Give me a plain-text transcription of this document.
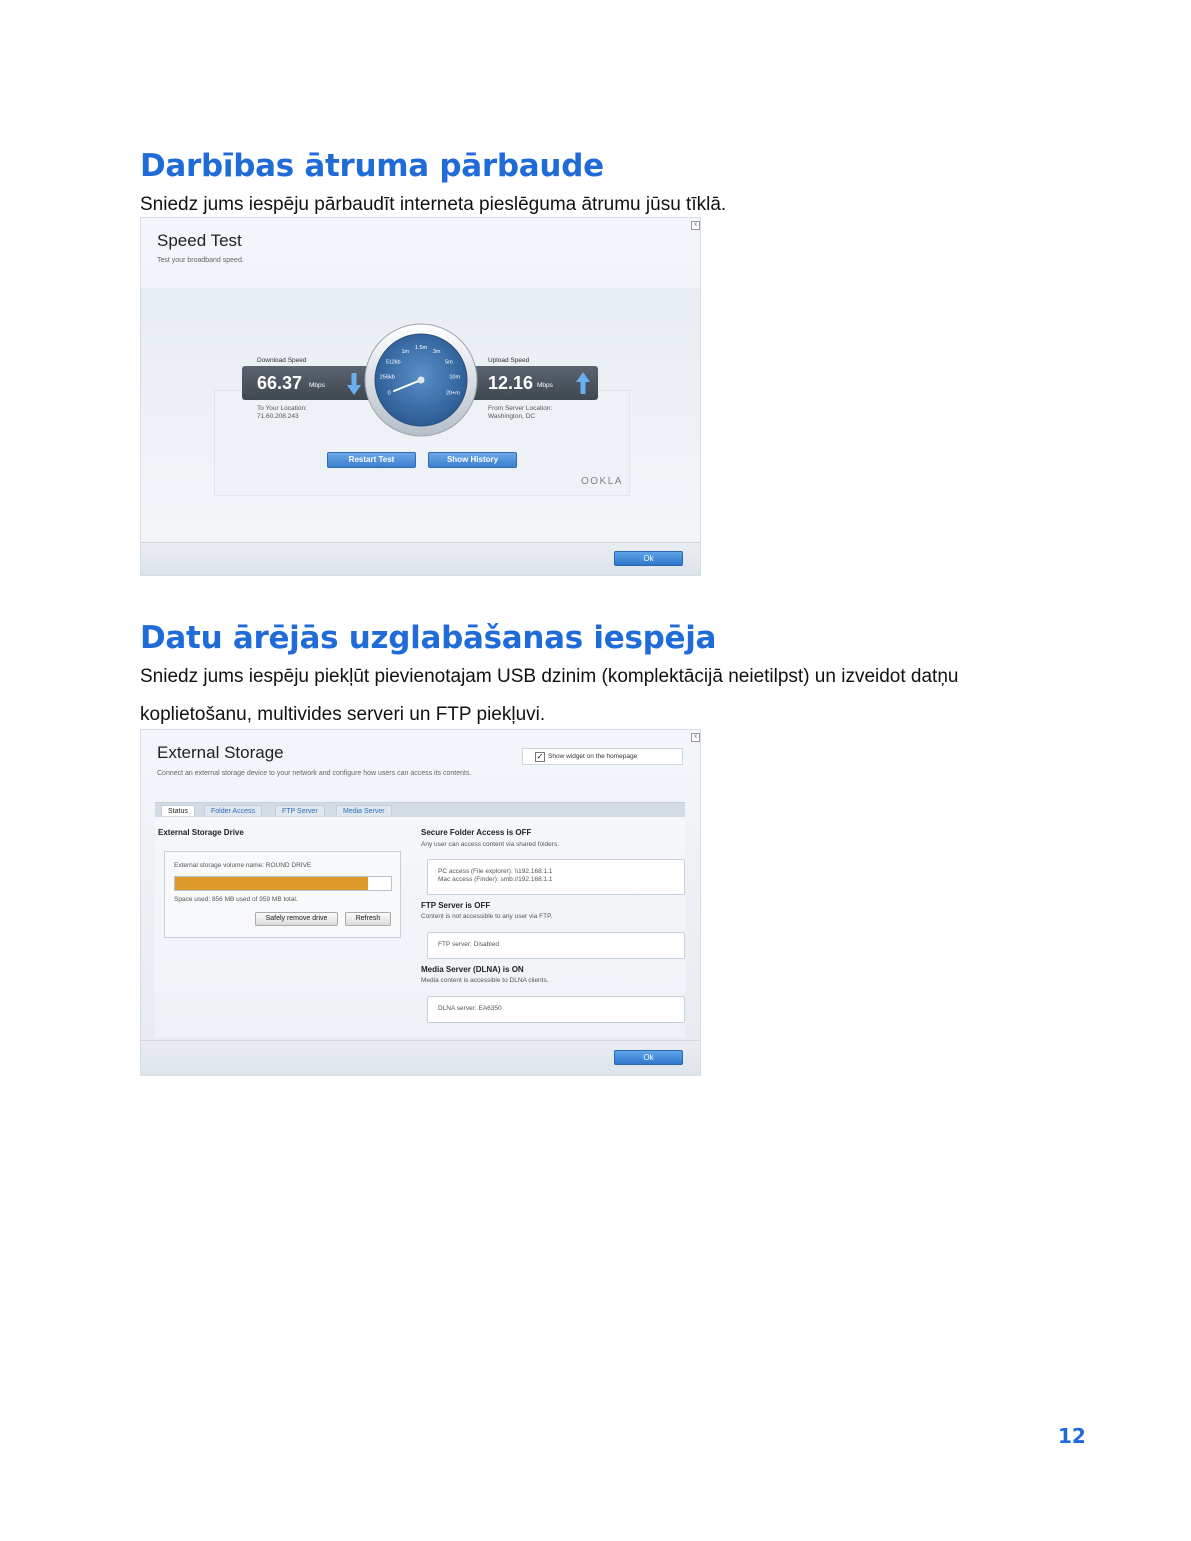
Darbības ātruma pārbaude
Sniedz jums iespēju pārbaudīt interneta pieslēguma ātrumu jūsu tīklā.
Speed Test
Test your broadband speed.
x
Download Speed
66.37 Mbps
To Your Location:
71.60.208.243
Upload Speed
12.16 Mbps
From Server Location:
Washington, DC
0
256kb
512kb
1m
1.5m
3m
5m
10m
20+m
Restart Test	Show History
OOKLA
Ok
Datu ārējās uzglabāšanas iespēja
Sniedz jums iespēju piekļūt pievienotajam USB dzinim (komplektācijā neietilpst) un izveidot datņu
koplietošanu, multivides serveri un FTP piekļuvi.
External Storage
Connect an external storage device to your network and configure how users can access its contents.
x
✓ Show widget on the homepage
Status	Folder Access	FTP Server	Media Server
External Storage Drive
External storage volume name: ROUND DRIVE
Space used: 856 MB used of 959 MB total.
Safely remove drive	Refresh
Secure Folder Access is OFF
Any user can access content via shared folders.
PC access (File explorer): \\192.168.1.1
Mac access (Finder): smb://192.168.1.1
FTP Server is OFF
Content is not accessible to any user via FTP.
FTP server: Disabled
Media Server (DLNA) is ON
Media content is accessible to DLNA clients.
DLNA server: EA6350
Ok
12
